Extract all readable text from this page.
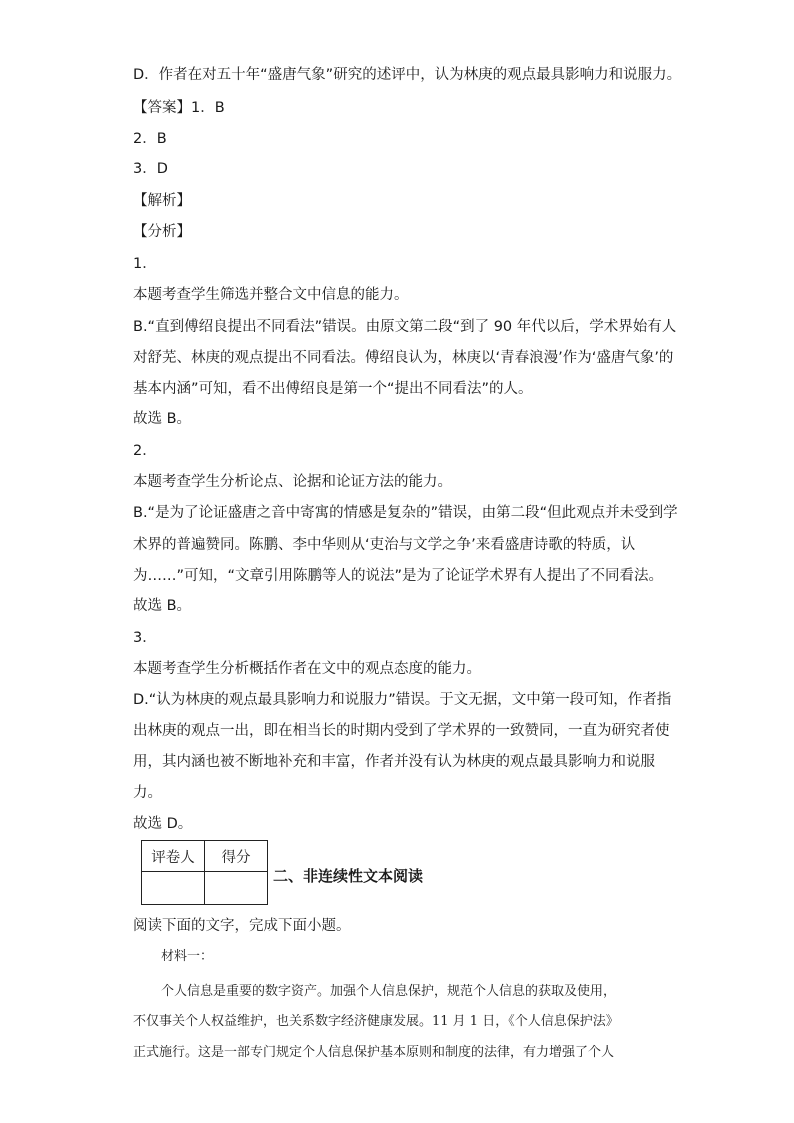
D．作者在对五十年“盛唐气象”研究的述评中，认为林庚的观点最具影响力和说服力。
【答案】1．B
2．B
3．D
【解析】
【分析】
1．
本题考查学生筛选并整合文中信息的能力。
B.“直到傅绍良提出不同看法”错误。由原文第二段“到了 90 年代以后，学术界始有人
对舒芜、林庚的观点提出不同看法。傅绍良认为，林庚以‘青春浪漫’作为‘盛唐气象’的
基本内涵”可知，看不出傅绍良是第一个“提出不同看法”的人。
故选 B。
2．
本题考查学生分析论点、论据和论证方法的能力。
B.“是为了论证盛唐之音中寄寓的情感是复杂的”错误，由第二段“但此观点并未受到学
术界的普遍赞同。陈鹏、李中华则从‘吏治与文学之争’来看盛唐诗歌的特质，认
为……”可知，“文章引用陈鹏等人的说法”是为了论证学术界有人提出了不同看法。
故选 B。
3．
本题考查学生分析概括作者在文中的观点态度的能力。
D.“认为林庚的观点最具影响力和说服力”错误。于文无据，文中第一段可知，作者指
出林庚的观点一出，即在相当长的时期内受到了学术界的一致赞同，一直为研究者使
用，其内涵也被不断地补充和丰富，作者并没有认为林庚的观点最具影响力和说服
力。
故选 D。
评卷人	得分

二、非连续性文本阅读
阅读下面的文字，完成下面小题。
材料一：
个人信息是重要的数字资产。加强个人信息保护，规范个人信息的获取及使用，
不仅事关个人权益维护，也关系数字经济健康发展。11 月 1 日，《个人信息保护法》
正式施行。这是一部专门规定个人信息保护基本原则和制度的法律，有力增强了个人
